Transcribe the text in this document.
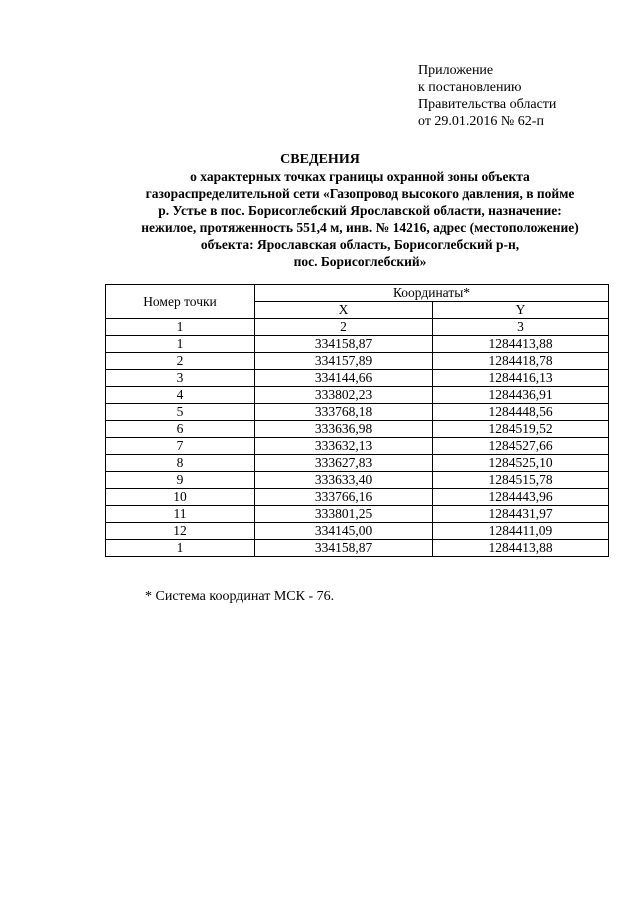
Приложение
к постановлению
Правительства области
от 29.01.2016 № 62-п
СВЕДЕНИЯ
о характерных точках границы охранной зоны объекта
газораспределительной сети «Газопровод высокого давления, в пойме
р. Устье в пос. Борисоглебский Ярославской области, назначение:
нежилое, протяженность 551,4 м, инв. № 14216, адрес (местоположение)
объекта: Ярославская область, Борисоглебский р-н,
пос. Борисоглебский»
Номер точки	Координаты*	
	X	Y
1	2	3
1	334158,87	1284413,88
2	334157,89	1284418,78
3	334144,66	1284416,13
4	333802,23	1284436,91
5	333768,18	1284448,56
6	333636,98	1284519,52
7	333632,13	1284527,66
8	333627,83	1284525,10
9	333633,40	1284515,78
10	333766,16	1284443,96
11	333801,25	1284431,97
12	334145,00	1284411,09
1	334158,87	1284413,88
* Система координат МСК - 76.
